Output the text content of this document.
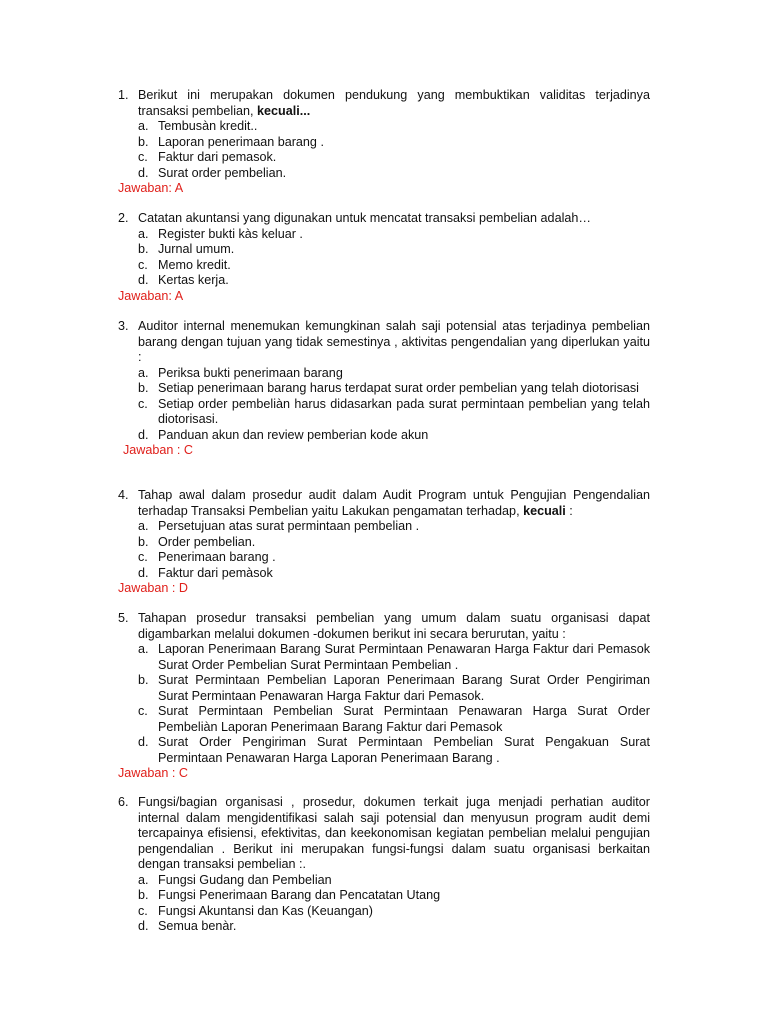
1. Berikut ini merupakan dokumen pendukung yang membuktikan validitas terjadinya transaksi pembelian, kecuali...
a. Tembusàn kredit..
b. Laporan penerimaan barang .
c. Faktur dari pemasok.
d. Surat order pembelian.
Jawaban: A
2. Catatan akuntansi yang digunakan untuk mencatat transaksi pembelian adalah…
a. Register bukti kàs keluar .
b. Jurnal umum.
c. Memo kredit.
d. Kertas kerja.
Jawaban: A
3. Auditor internal menemukan kemungkinan salah saji potensial atas terjadinya pembelian barang dengan tujuan yang tidak semestinya , aktivitas pengendalian yang diperlukan yaitu :
a. Periksa bukti penerimaan barang
b. Setiap penerimaan barang harus terdapat surat order pembelian yang telah diotorisasi
c. Setiap order pembeliàn harus didasarkan pada surat permintaan pembelian yang telah diotorisasi.
d. Panduan akun dan review pemberian kode akun
Jawaban : C
4. Tahap awal dalam prosedur audit dalam Audit Program untuk Pengujian Pengendalian terhadap Transaksi Pembelian yaitu Lakukan pengamatan terhadap, kecuali :
a. Persetujuan atas surat permintaan pembelian .
b. Order pembelian.
c. Penerimaan barang .
d. Faktur dari pemàsok
Jawaban : D
5. Tahapan prosedur transaksi pembelian yang umum dalam suatu organisasi dapat digambarkan melalui dokumen -dokumen berikut ini secara berurutan, yaitu :
a. Laporan Penerimaan Barang Surat Permintaan Penawaran Harga Faktur dari Pemasok Surat Order Pembelian Surat Permintaan Pembelian .
b. Surat Permintaan Pembelian Laporan Penerimaan Barang Surat Order Pengiriman Surat Permintaan Penawaran Harga Faktur dari Pemasok.
c. Surat Permintaan Pembelian Surat Permintaan Penawaran Harga Surat Order Pembeliàn Laporan Penerimaan Barang Faktur dari Pemasok
d. Surat Order Pengiriman Surat Permintaan Pembelian Surat Pengakuan Surat Permintaan Penawaran Harga Laporan Penerimaan Barang .
Jawaban : C
6. Fungsi/bagian organisasi , prosedur, dokumen terkait juga menjadi perhatian auditor internal dalam mengidentifikasi salah saji potensial dan menyusun program audit demi tercapainya efisiensi, efektivitas, dan keekonomisan kegiatan pembelian melalui pengujian pengendalian . Berikut ini merupakan fungsi-fungsi dalam suatu organisasi berkaitan dengan transaksi pembelian :.
a. Fungsi Gudang dan Pembelian
b. Fungsi Penerimaan Barang dan Pencatatan Utang
c. Fungsi Akuntansi dan Kas (Keuangan)
d. Semua benàr.
